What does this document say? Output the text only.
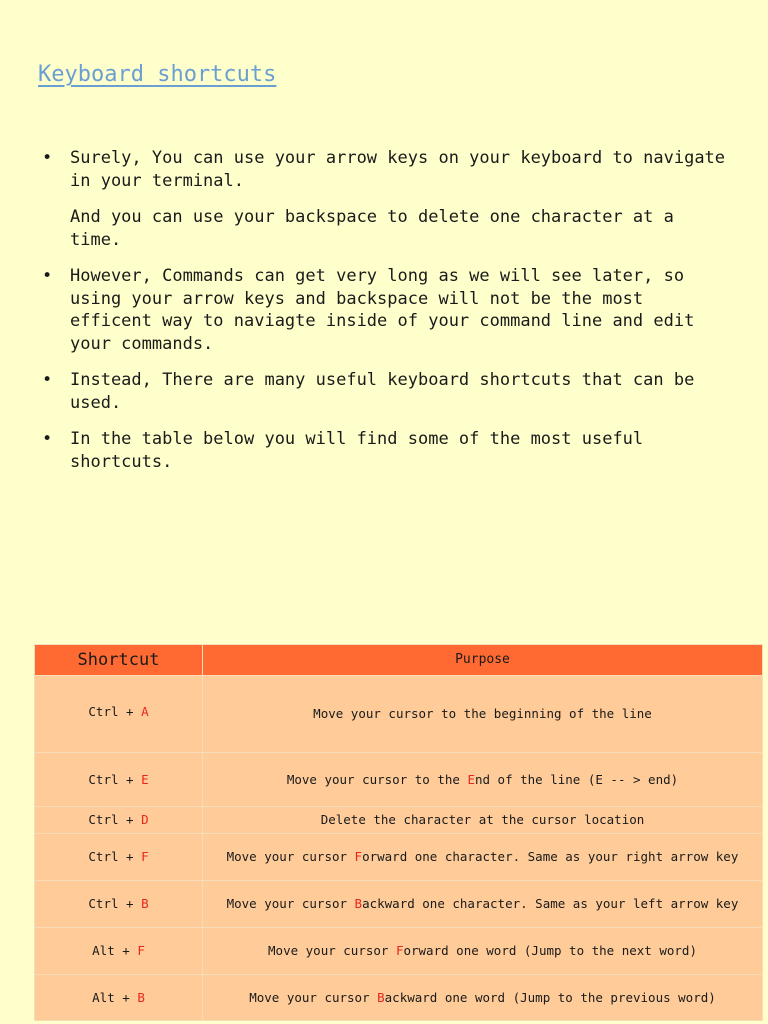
Keyboard shortcuts
• Surely, You can use your arrow keys on your keyboard to navigate in your terminal.

And you can use your backspace to delete one character at a time.

• However, Commands can get very long as we will see later, so using your arrow keys and backspace will not be the most efficent way to naviagte inside of your command line and edit your commands.

• Instead, There are many useful keyboard shortcuts that can be used.

• In the table below you will find some of the most useful shortcuts.

Shortcut	Purpose
Ctrl + A	Move your cursor to the beginning of the line
Ctrl + E	Move your cursor to the End of the line (E -- > end)
Ctrl + D	Delete the character at the cursor location
Ctrl + F	Move your cursor Forward one character. Same as your right arrow key
Ctrl + B	Move your cursor Backward one character. Same as your left arrow key
Alt + F	Move your cursor Forward one word (Jump to the next word)
Alt + B	Move your cursor Backward one word (Jump to the previous word)
